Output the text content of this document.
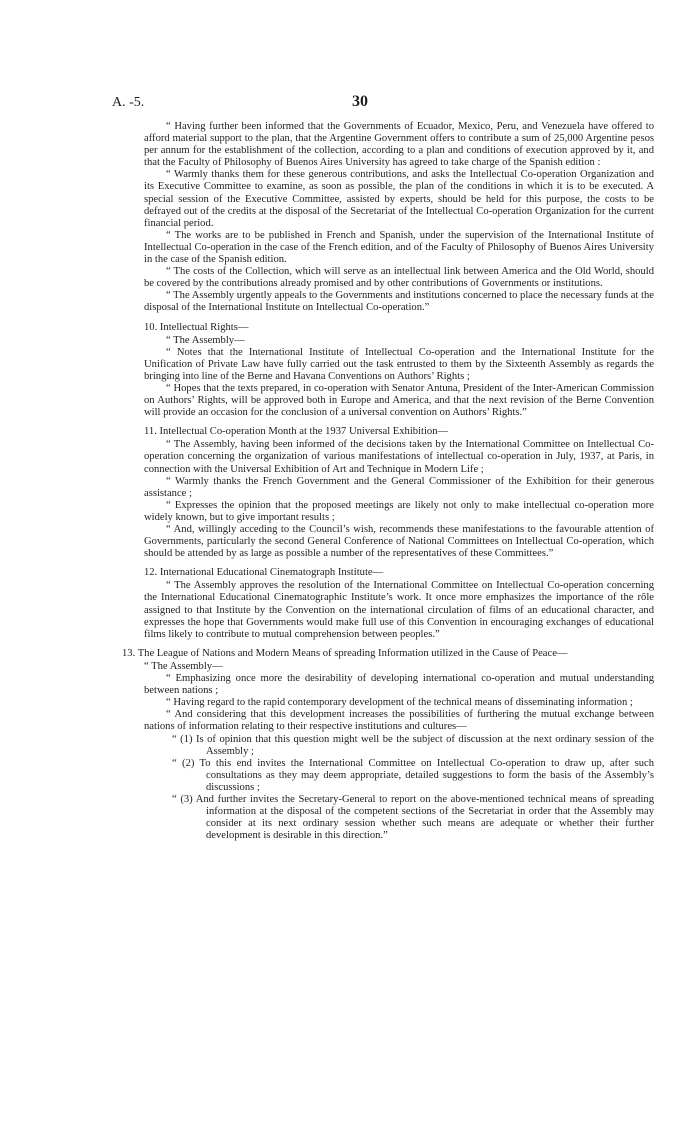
A. -5.	30

“ Having further been informed that the Governments of Ecuador, Mexico, Peru, and Venezuela have offered to afford material support to the plan, that the Argentine Government offers to contribute a sum of 25,000 Argentine pesos per annum for the establishment of the collection, according to a plan and conditions of execution approved by it, and that the Faculty of Philosophy of Buenos Aires University has agreed to take charge of the Spanish edition :

“ Warmly thanks them for these generous contributions, and asks the Intellectual Co-operation Organization and its Executive Committee to examine, as soon as possible, the plan of the conditions in which it is to be executed. A special session of the Executive Committee, assisted by experts, should be held for this purpose, the costs to be defrayed out of the credits at the disposal of the Secretariat of the Intellectual Co-operation Organization for the current financial period.

“ The works are to be published in French and Spanish, under the supervision of the International Institute of Intellectual Co-operation in the case of the French edition, and of the Faculty of Philosophy of Buenos Aires University in the case of the Spanish edition.

“ The costs of the Collection, which will serve as an intellectual link between America and the Old World, should be covered by the contributions already promised and by other contributions of Governments or institutions.

“ The Assembly urgently appeals to the Governments and institutions concerned to place the necessary funds at the disposal of the International Institute on Intellectual Co-operation.”

10. Intellectual Rights—

“ The Assembly—

“ Notes that the International Institute of Intellectual Co-operation and the International Institute for the Unification of Private Law have fully carried out the task entrusted to them by the Sixteenth Assembly as regards the bringing into line of the Berne and Havana Conventions on Authors’ Rights ;

“ Hopes that the texts prepared, in co-operation with Senator Antuna, President of the Inter-American Commission on Authors’ Rights, will be approved both in Europe and America, and that the next revision of the Berne Convention will provide an occasion for the conclusion of a universal convention on Authors’ Rights.”

11. Intellectual Co-operation Month at the 1937 Universal Exhibition—

“ The Assembly, having been informed of the decisions taken by the International Committee on Intellectual Co-operation concerning the organization of various manifestations of intellectual co-operation in July, 1937, at Paris, in connection with the Universal Exhibition of Art and Technique in Modern Life ;

“ Warmly thanks the French Government and the General Commissioner of the Exhibition for their generous assistance ;

“ Expresses the opinion that the proposed meetings are likely not only to make intellectual co-operation more widely known, but to give important results ;

“ And, willingly acceding to the Council’s wish, recommends these manifestations to the favourable attention of Governments, particularly the second General Conference of National Committees on Intellectual Co-operation, which should be attended by as large as possible a number of the representatives of these Committees.”

12. International Educational Cinematograph Institute—

“ The Assembly approves the resolution of the International Committee on Intellectual Co-operation concerning the International Educational Cinematographic Institute’s work. It once more emphasizes the importance of the rôle assigned to that Institute by the Convention on the international circulation of films of an educational character, and expresses the hope that Governments would make full use of this Convention in encouraging exchanges of educational films likely to contribute to mutual comprehension between peoples.”

13. The League of Nations and Modern Means of spreading Information utilized in the Cause of Peace—

“ The Assembly—

“ Emphasizing once more the desirability of developing international co-operation and mutual understanding between nations ;

“ Having regard to the rapid contemporary development of the technical means of disseminating information ;

“ And considering that this development increases the possibilities of furthering the mutual exchange between nations of information relating to their respective institutions and cultures—

“ (1) Is of opinion that this question might well be the subject of discussion at the next ordinary session of the Assembly ;

“ (2) To this end invites the International Committee on Intellectual Co-operation to draw up, after such consultations as they may deem appropriate, detailed suggestions to form the basis of the Assembly’s discussions ;

“ (3) And further invites the Secretary-General to report on the above-mentioned technical means of spreading information at the disposal of the competent sections of the Secretariat in order that the Assembly may consider at its next ordinary session whether such means are adequate or whether their further development is desirable in this direction.”
